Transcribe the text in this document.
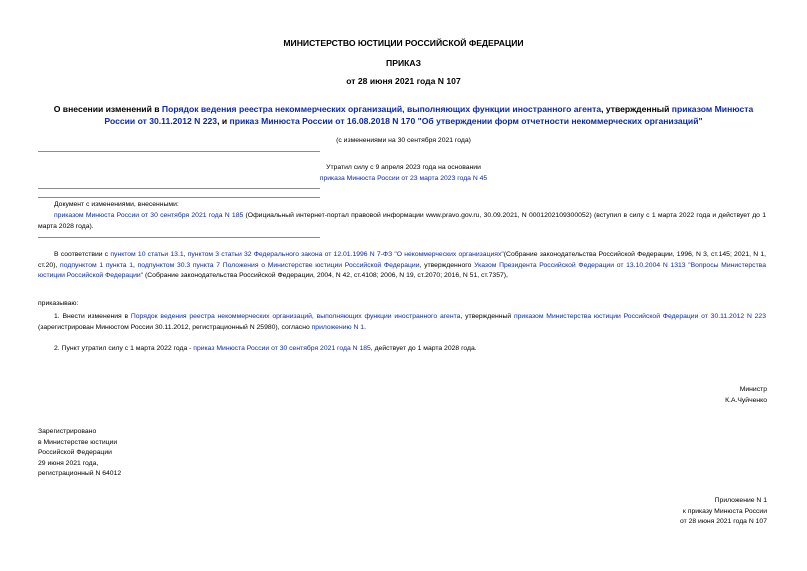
МИНИСТЕРСТВО ЮСТИЦИИ РОССИЙСКОЙ ФЕДЕРАЦИИ
ПРИКАЗ
от 28 июня 2021 года N 107
О внесении изменений в Порядок ведения реестра некоммерческих организаций, выполняющих функции иностранного агента, утвержденный приказом Минюста России от 30.11.2012 N 223, и приказ Минюста России от 16.08.2018 N 170 "Об утверждении форм отчетности некоммерческих организаций"
(с изменениями на 30 сентября 2021 года)
Утратил силу с 9 апреля 2023 года на основании
приказа Минюста России от 23 марта 2023 года N 45
Документ с изменениями, внесенными:
приказом Минюста России от 30 сентября 2021 года N 185 (Официальный интернет-портал правовой информации www.pravo.gov.ru, 30.09.2021, N 0001202109300052) (вступил в силу с 1 марта 2022 года и действует до 1 марта 2028 года).
В соответствии с пунктом 10 статьи 13.1, пунктом 3 статьи 32 Федерального закона от 12.01.1996 N 7-ФЗ "О некоммерческих организациях"(Собрание законодательства Российской Федерации, 1996, N 3, ст.145; 2021, N 1, ст.20), подпунктом 1 пункта 1, подпунктом 30.3 пункта 7 Положения о Министерстве юстиции Российской Федерации, утвержденного Указом Президента Российской Федерации от 13.10.2004 N 1313 "Вопросы Министерства юстиции Российской Федерации" (Собрание законодательства Российской Федерации, 2004, N 42, ст.4108; 2006, N 19, ст.2070; 2016, N 51, ст.7357),
приказываю:
1. Внести изменения в Порядок ведения реестра некоммерческих организаций, выполняющих функции иностранного агента, утвержденный приказом Министерства юстиции Российской Федерации от 30.11.2012 N 223 (зарегистрирован Минюстом России 30.11.2012, регистрационный N 25980), согласно приложению N 1.
2. Пункт утратил силу с 1 марта 2022 года - приказ Минюста России от 30 сентября 2021 года N 185, действует до 1 марта 2028 года.
Министр
К.А.Чуйченко
Зарегистрировано
в Министерстве юстиции
Российской Федерации
29 июня 2021 года,
регистрационный N 64012
Приложение N 1
к приказу Минюста России
от 28 июня 2021 года N 107
